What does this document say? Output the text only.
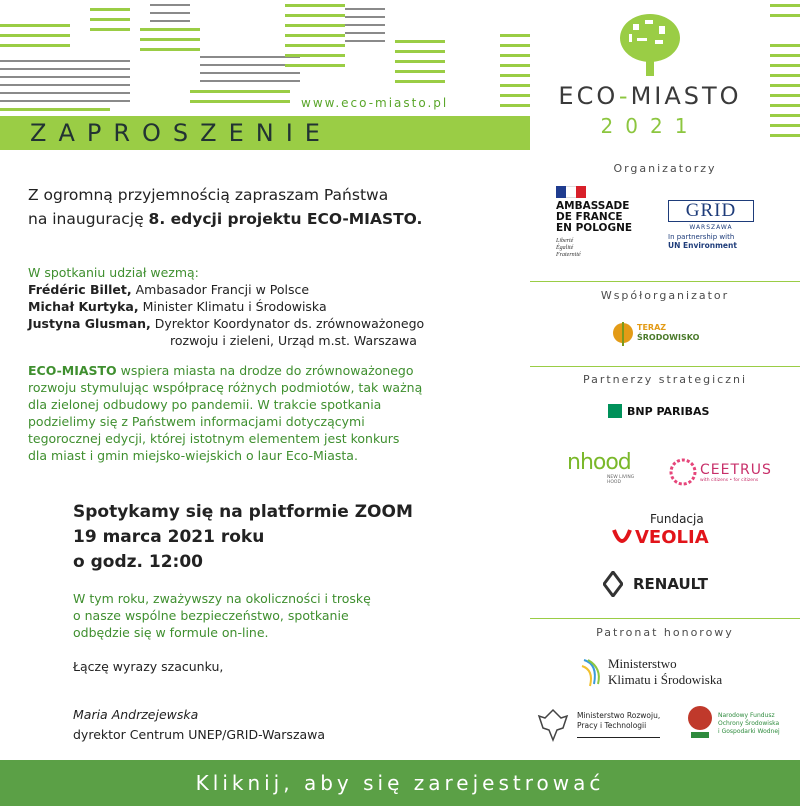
www.eco-miasto.pl
ZAPROSZENIE
ECO-MIASTO
2021
Z ogromną przyjemnością zapraszam Państwa
na inaugurację 8. edycji projektu ECO-MIASTO.
W spotkaniu udział wezmą:
Frédéric Billet, Ambasador Francji w Polsce
Michał Kurtyka, Minister Klimatu i Środowiska
Justyna Glusman, Dyrektor Koordynator ds. zrównoważonego
rozwoju i zieleni, Urząd m.st. Warszawa
ECO-MIASTO wspiera miasta na drodze do zrównoważonego
rozwoju stymulując współpracę różnych podmiotów, tak ważną
dla zielonej odbudowy po pandemii. W trakcie spotkania
podzielimy się z Państwem informacjami dotyczącymi
tegorocznej edycji, której istotnym elementem jest konkurs
dla miast i gmin miejsko-wiejskich o laur Eco-Miasta.
Spotykamy się na platformie ZOOM
19 marca 2021 roku
o godz. 12:00
W tym roku, zważywszy na okoliczności i troskę
o nasze wspólne bezpieczeństwo, spotkanie
odbędzie się w formule on-line.
Łączę wyrazy szacunku,
Maria Andrzejewska
dyrektor Centrum UNEP/GRID-Warszawa
Organizatorzy
AMBASSADE
DE FRANCE
EN POLOGNE
Liberté
Égalité
Fraternité
GRID
WARSZAWA
In partnership with
UN Environment
Współorganizator
TERAZ
ŚRODOWISKO
Partnerzy strategiczni
BNP PARIBAS
nhood
NEW LIVING
HOOD
CEETRUS
with citizens • for citizens
Fundacja
VEOLIA
RENAULT
Patronat honorowy
Ministerstwo
Klimatu i Środowiska
Ministerstwo Rozwoju,
Pracy i Technologii
Narodowy Fundusz
Ochrony Środowiska
i Gospodarki Wodnej
Kliknij, aby się zarejestrować
